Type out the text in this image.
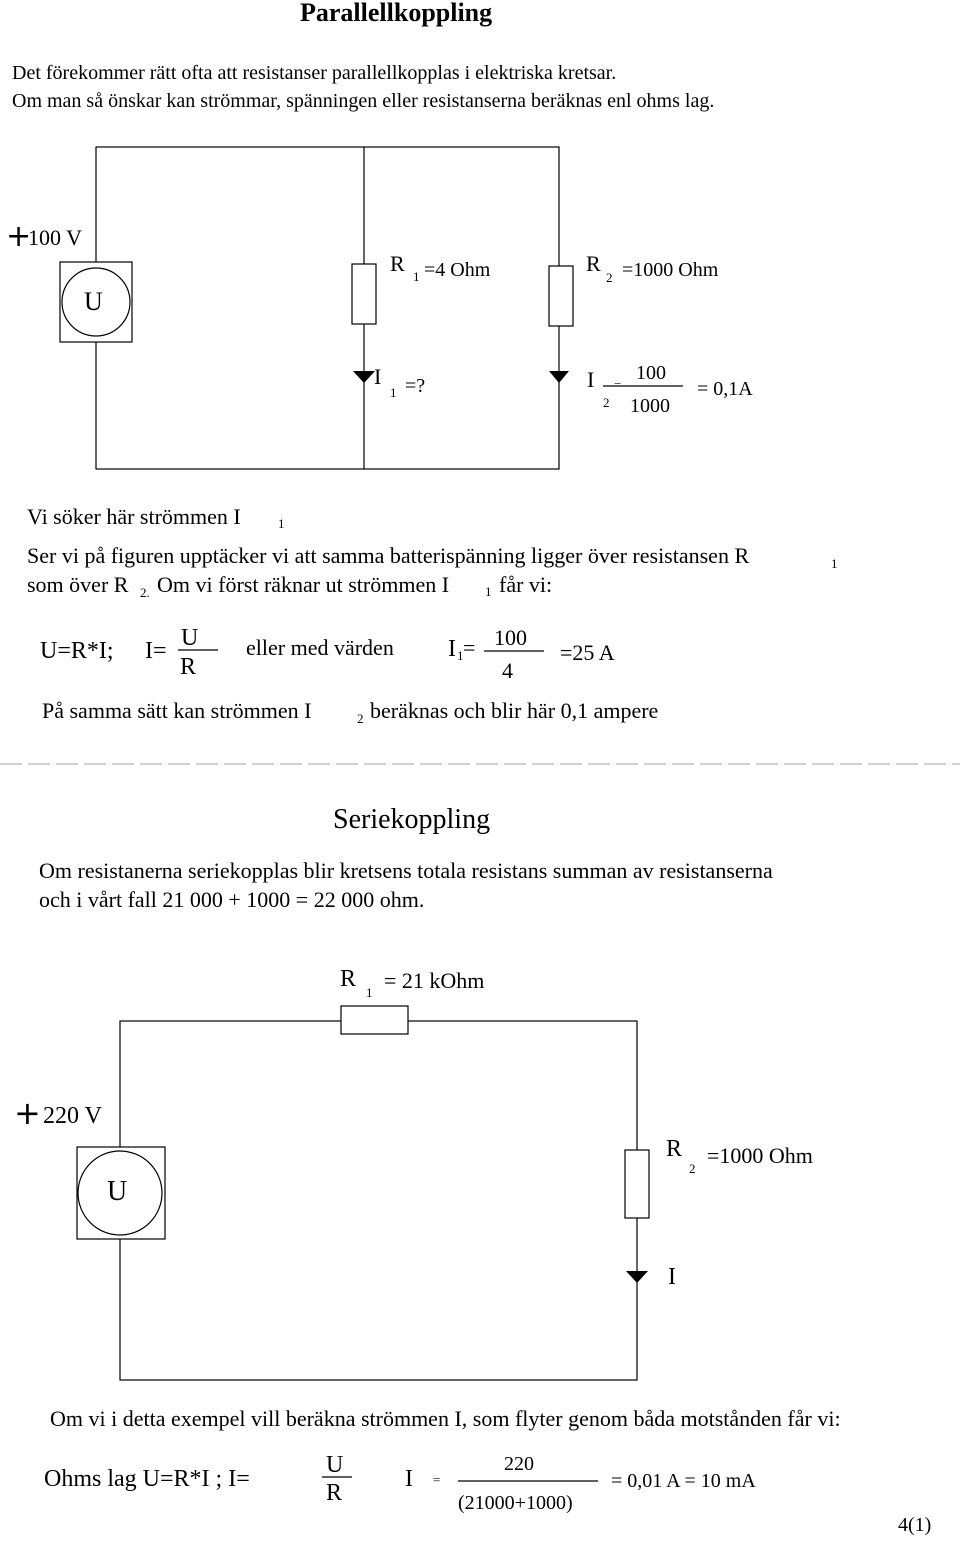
Parallellkoppling
Det förekommer rätt ofta att resistanser parallellkopplas i elektriska kretsar.
Om man så önskar kan strömmar, spänningen eller resistanserna beräknas enl ohms lag.
+
100 V
U
R
1 =4 Ohm	R
2 =1000 Ohm
I
1 =?	I
2
=
100
1000
= 0,1A
Vi söker här strömmen I	1
Ser vi på figuren upptäcker vi att samma batterispänning ligger över resistansen R	1
som över R 2. Om vi först räknar ut strömmen I	1 får vi:
U=R*I; I= U
R
eller med värden I 1 = 100
4
=25 A
På samma sätt kan strömmen I	2 beräknas och blir här 0,1 ampere
Seriekoppling
Om resistanerna seriekopplas blir kretsens totala resistans summan av resistanserna
och i vårt fall 21 000 + 1000 = 22 000 ohm.
R
1 = 21 kOhm
+ 220 V
U
R
2
=1000 Ohm
I
Om vi i detta exempel vill beräkna strömmen I, som flyter genom båda motstånden får vi:
Ohms lag U=R*I ; I=
U
R
I =
220
(21000+1000)
= 0,01 A = 10 mA
4(1)
